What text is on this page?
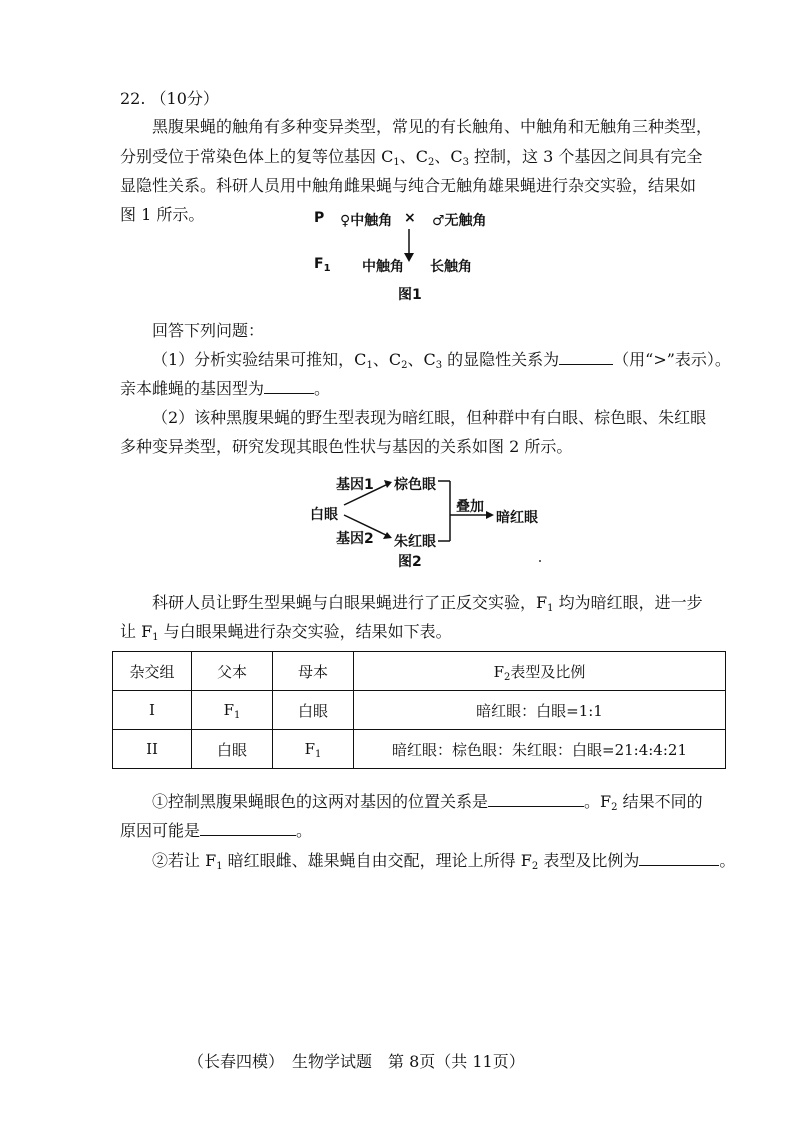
22. （10分）
黑腹果蝇的触角有多种变异类型，常见的有长触角、中触角和无触角三种类型，
分别受位于常染色体上的复等位基因 $C_1$、$C_2$、$C_3$ 控制，这 3 个基因之间具有完全
显隐性关系。科研人员用中触角雌果蝇与纯合无触角雄果蝇进行杂交实验，结果如
图 1 所示。	P ♀中触角 × ♂无触角
$F_1$ 中触角 长触角
图1
回答下列问题：
（1）分析实验结果可推知，$C_1$、$C_2$、$C_3$ 的显隐性关系为	（用“>”表示）。
亲本雌蝇的基因型为	。
（2）该种黑腹果蝇的野生型表现为暗红眼，但种群中有白眼、棕色眼、朱红眼
多种变异类型，研究发现其眼色性状与基因的关系如图 2 所示。
基因1 棕色眼
白眼	叠加
暗红眼
基因2 朱红眼
图2
科研人员让野生型果蝇与白眼果蝇进行了正反交实验，$F_1$ 均为暗红眼，进一步
让 $F_1$ 与白眼果蝇进行杂交实验，结果如下表。
杂交组	父本	母本	$F_2$表型及比例
I	$F_1$	白眼	暗红眼：白眼=1:1
II	白眼	$F_1$	暗红眼：棕色眼：朱红眼：白眼=21:4:4:21
①控制黑腹果蝇眼色的这两对基因的位置关系是	。$F_2$ 结果不同的
原因可能是	。
②若让 $F_1$ 暗红眼雌、雄果蝇自由交配，理论上所得 $F_2$ 表型及比例为	。
（长春四模）　生物学试题　第 8页（共 11页）
